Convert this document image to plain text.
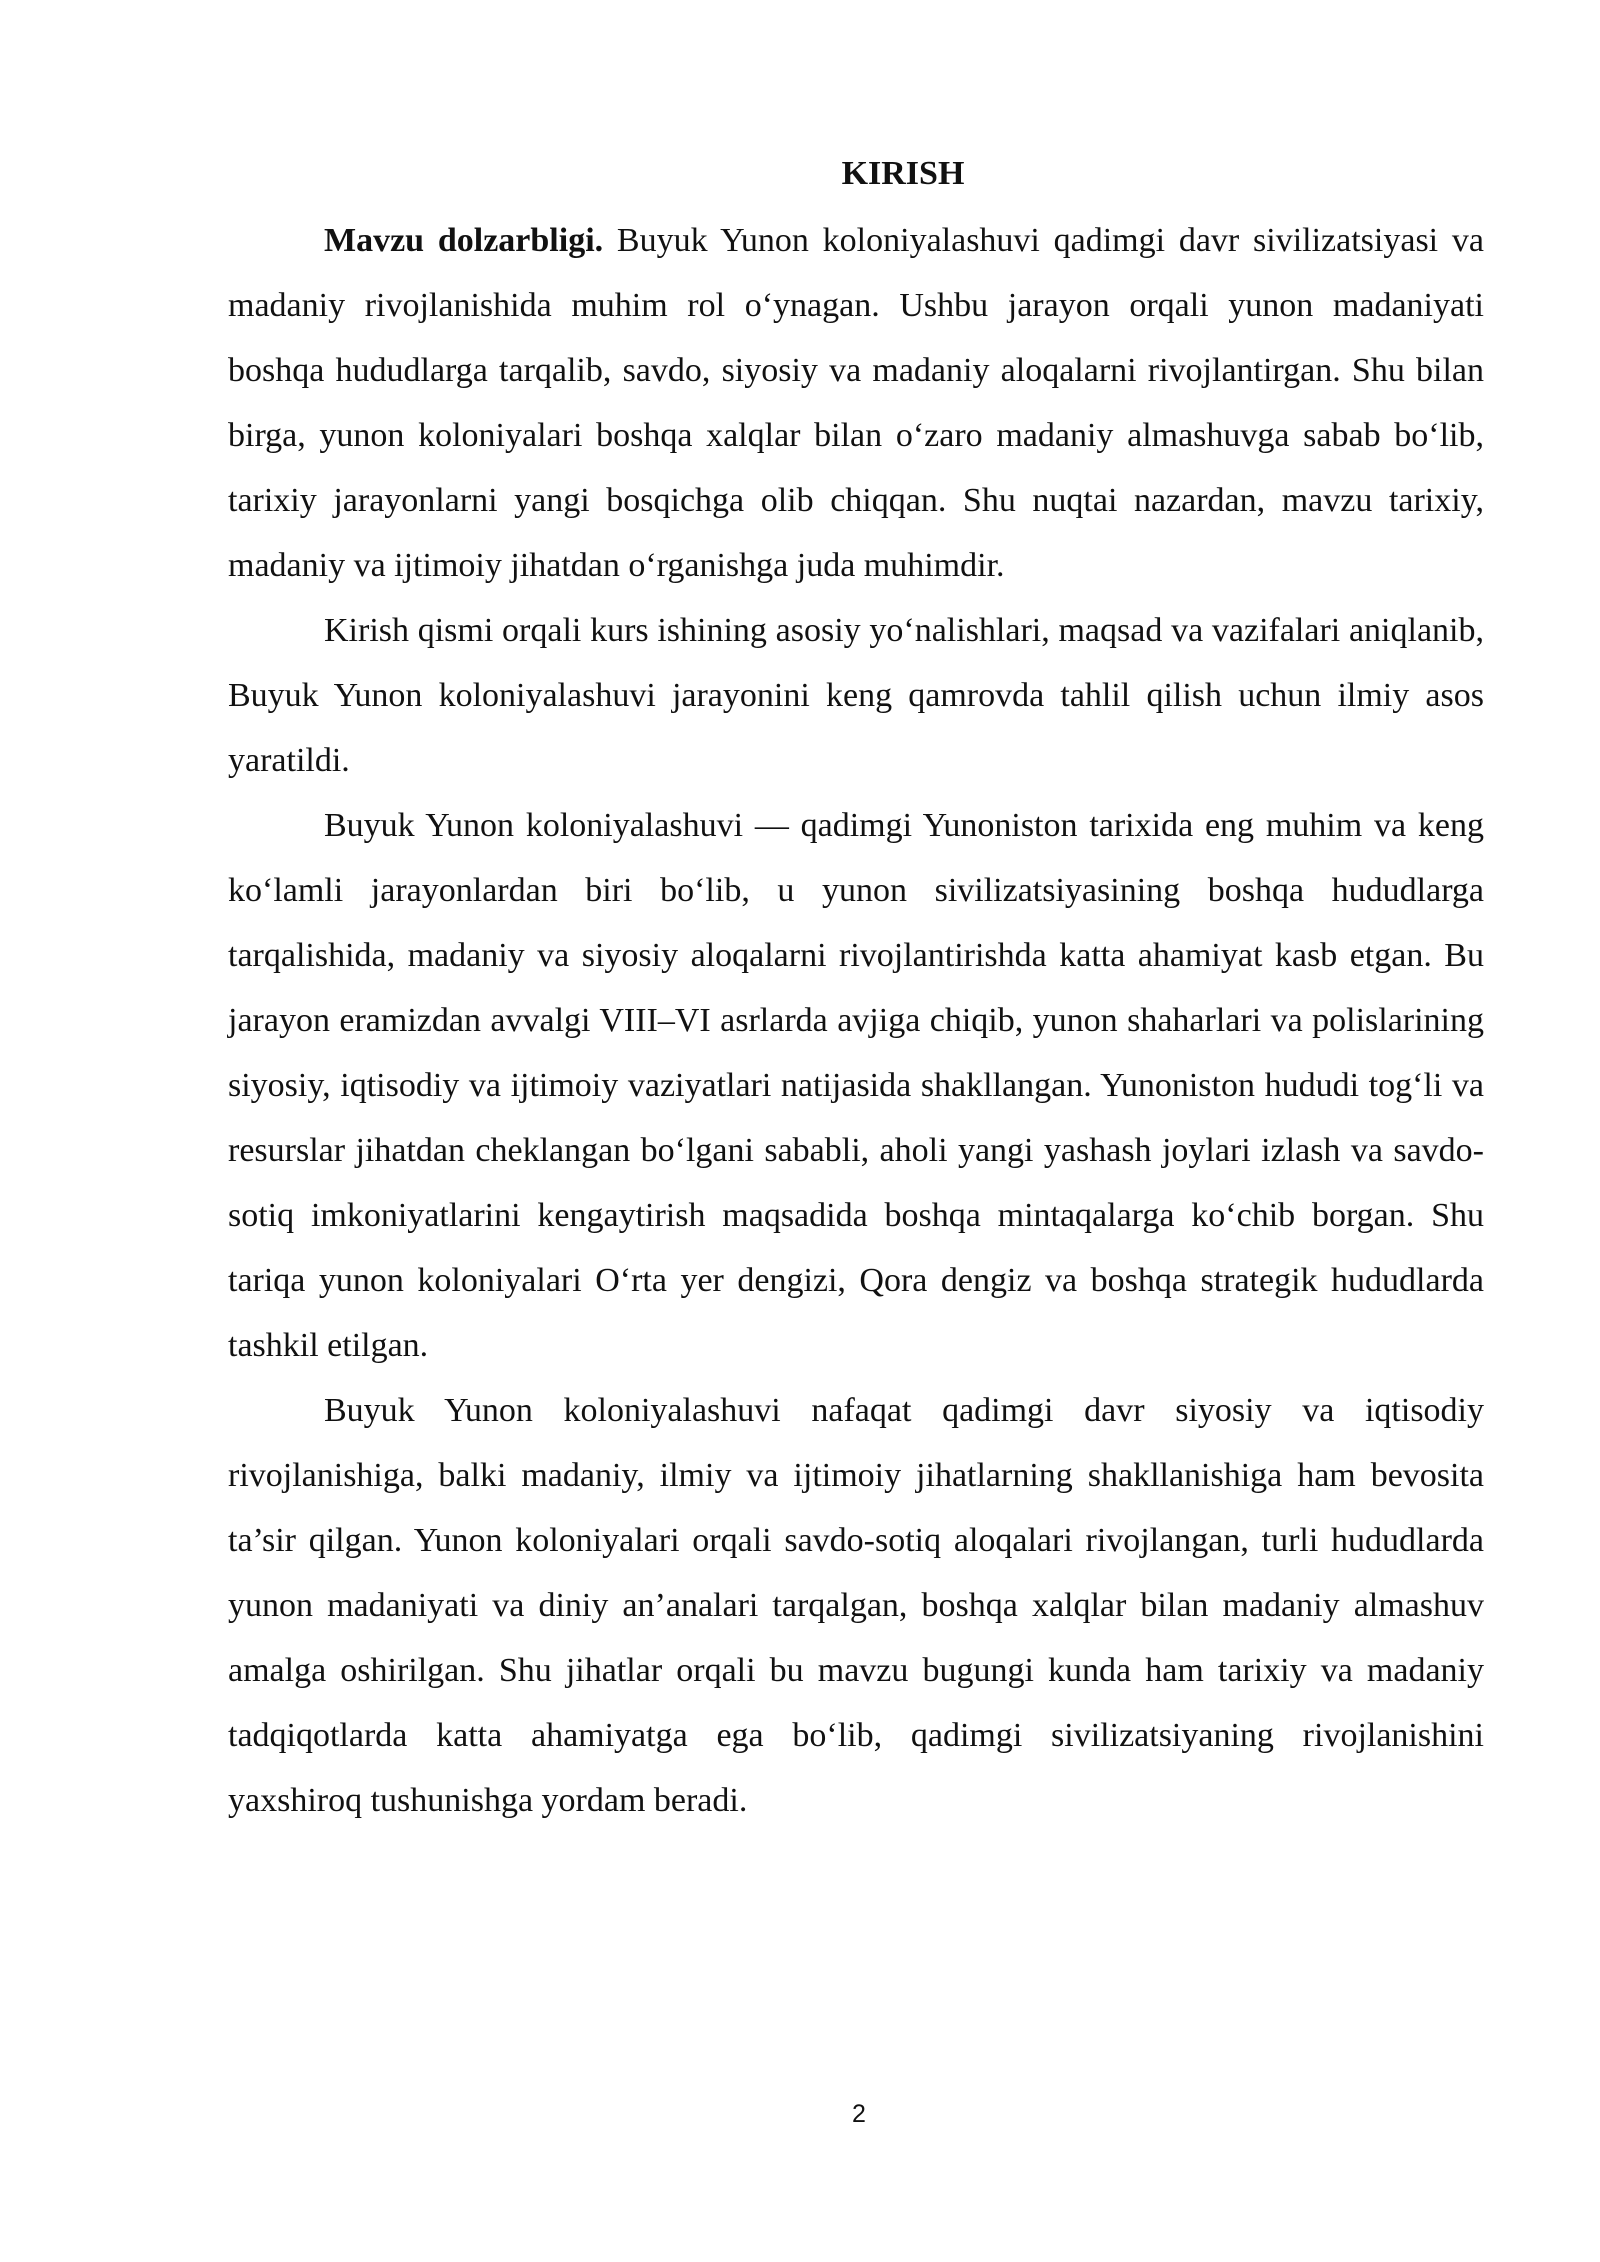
KIRISH

Mavzu dolzarbligi. Buyuk Yunon koloniyalashuvi qadimgi davr sivilizatsiyasi va madaniy rivojlanishida muhim rol o‘ynagan. Ushbu jarayon orqali yunon madaniyati boshqa hududlarga tarqalib, savdo, siyosiy va madaniy aloqalarni rivojlantirgan. Shu bilan birga, yunon koloniyalari boshqa xalqlar bilan o‘zaro madaniy almashuvga sabab bo‘lib, tarixiy jarayonlarni yangi bosqichga olib chiqqan. Shu nuqtai nazardan, mavzu tarixiy, madaniy va ijtimoiy jihatdan o‘rganishga juda muhimdir.

Kirish qismi orqali kurs ishining asosiy yo‘nalishlari, maqsad va vazifalari aniqlanib, Buyuk Yunon koloniyalashuvi jarayonini keng qamrovda tahlil qilish uchun ilmiy asos yaratildi.

Buyuk Yunon koloniyalashuvi — qadimgi Yunoniston tarixida eng muhim va keng ko‘lamli jarayonlardan biri bo‘lib, u yunon sivilizatsiyasining boshqa hududlarga tarqalishida, madaniy va siyosiy aloqalarni rivojlantirishda katta ahamiyat kasb etgan. Bu jarayon eramizdan avvalgi VIII–VI asrlarda avjiga chiqib, yunon shaharlari va polislarining siyosiy, iqtisodiy va ijtimoiy vaziyatlari natijasida shakllangan. Yunoniston hududi tog‘li va resurslar jihatdan cheklangan bo‘lgani sababli, aholi yangi yashash joylari izlash va savdo-sotiq imkoniyatlarini kengaytirish maqsadida boshqa mintaqalarga ko‘chib borgan. Shu tariqa yunon koloniyalari O‘rta yer dengizi, Qora dengiz va boshqa strategik hududlarda tashkil etilgan.

Buyuk Yunon koloniyalashuvi nafaqat qadimgi davr siyosiy va iqtisodiy rivojlanishiga, balki madaniy, ilmiy va ijtimoiy jihatlarning shakllanishiga ham bevosita ta’sir qilgan. Yunon koloniyalari orqali savdo-sotiq aloqalari rivojlangan, turli hududlarda yunon madaniyati va diniy an’analari tarqalgan, boshqa xalqlar bilan madaniy almashuv amalga oshirilgan. Shu jihatlar orqali bu mavzu bugungi kunda ham tarixiy va madaniy tadqiqotlarda katta ahamiyatga ega bo‘lib, qadimgi sivilizatsiyaning rivojlanishini yaxshiroq tushunishga yordam beradi.

2
